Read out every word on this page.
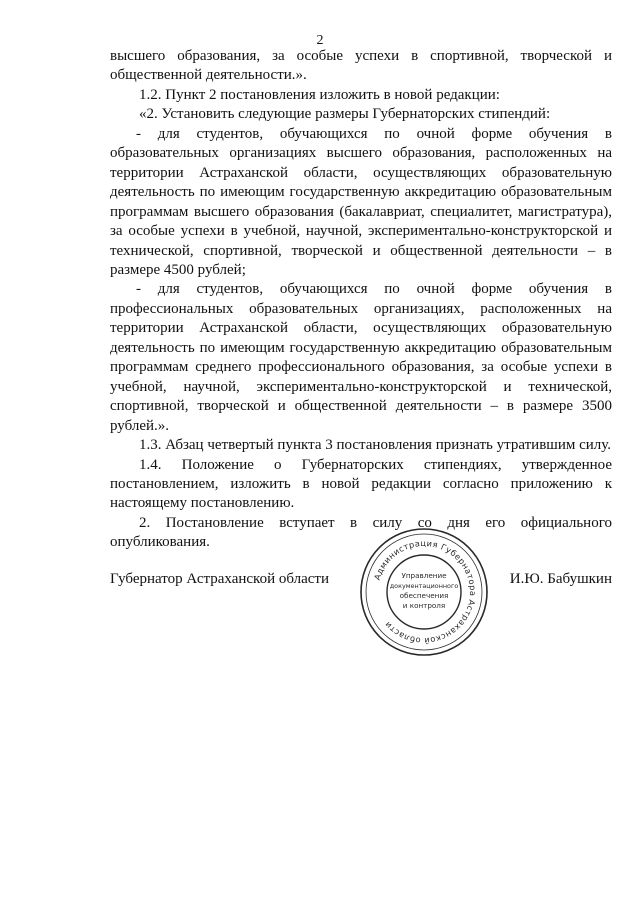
2

высшего образования, за особые успехи в спортивной, творческой и общественной деятельности.».

1.2. Пункт 2 постановления изложить в новой редакции:

«2. Установить следующие размеры Губернаторских стипендий:

- для студентов, обучающихся по очной форме обучения в образовательных организациях высшего образования, расположенных на территории Астраханской области, осуществляющих образовательную деятельность по имеющим государственную аккредитацию образовательным программам высшего образования (бакалавриат, специалитет, магистратура), за особые успехи в учебной, научной, экспериментально-конструкторской и технической, спортивной, творческой и общественной деятельности – в размере 4500 рублей;

- для студентов, обучающихся по очной форме обучения в профессиональных образовательных организациях, расположенных на территории Астраханской области, осуществляющих образовательную деятельность по имеющим государственную аккредитацию образовательным программам среднего профессионального образования, за особые успехи в учебной, научной, экспериментально-конструкторской и технической, спортивной, творческой и общественной деятельности – в размере 3500 рублей.».

1.3. Абзац четвертый пункта 3 постановления признать утратившим силу.

1.4. Положение о Губернаторских стипендиях, утвержденное постановлением, изложить в новой редакции согласно приложению к настоящему постановлению.

2. Постановление вступает в силу со дня его официального опубликования.

Губернатор Астраханской области	И.Ю. Бабушкин
Администрация Губернатора Астраханской области
Управление
документационного
обеспечения
и контроля
